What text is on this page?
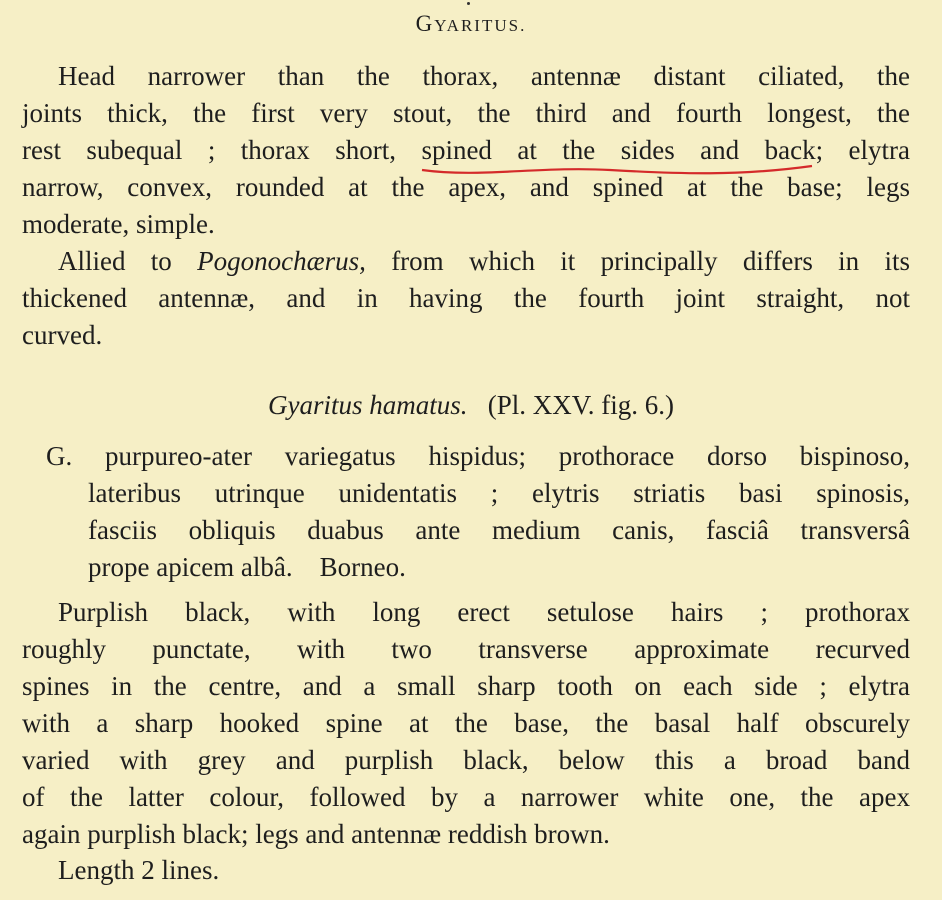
GYARITUS.
Head narrower than the thorax, antennæ distant ciliated, the
joints thick, the first very stout, the third and fourth longest, the
rest subequal ; thorax short, spined at the sides and back; elytra
narrow, convex, rounded at the apex, and spined at the base; legs
moderate, simple.
Allied to Pogonochærus, from which it principally differs in its
thickened antennæ, and in having the fourth joint straight, not
curved.
Gyaritus hamatus. (Pl. XXV. fig. 6.)
G. purpureo-ater variegatus hispidus; prothorace dorso bispinoso,
lateribus utrinque unidentatis ; elytris striatis basi spinosis,
fasciis obliquis duabus ante medium canis, fasciâ transversâ
prope apicem albâ.    Borneo.
Purplish black, with long erect setulose hairs ; prothorax
roughly punctate, with two transverse approximate recurved
spines in the centre, and a small sharp tooth on each side ; elytra
with a sharp hooked spine at the base, the basal half obscurely
varied with grey and purplish black, below this a broad band
of the latter colour, followed by a narrower white one, the apex
again purplish black; legs and antennæ reddish brown.
Length 2 lines.
